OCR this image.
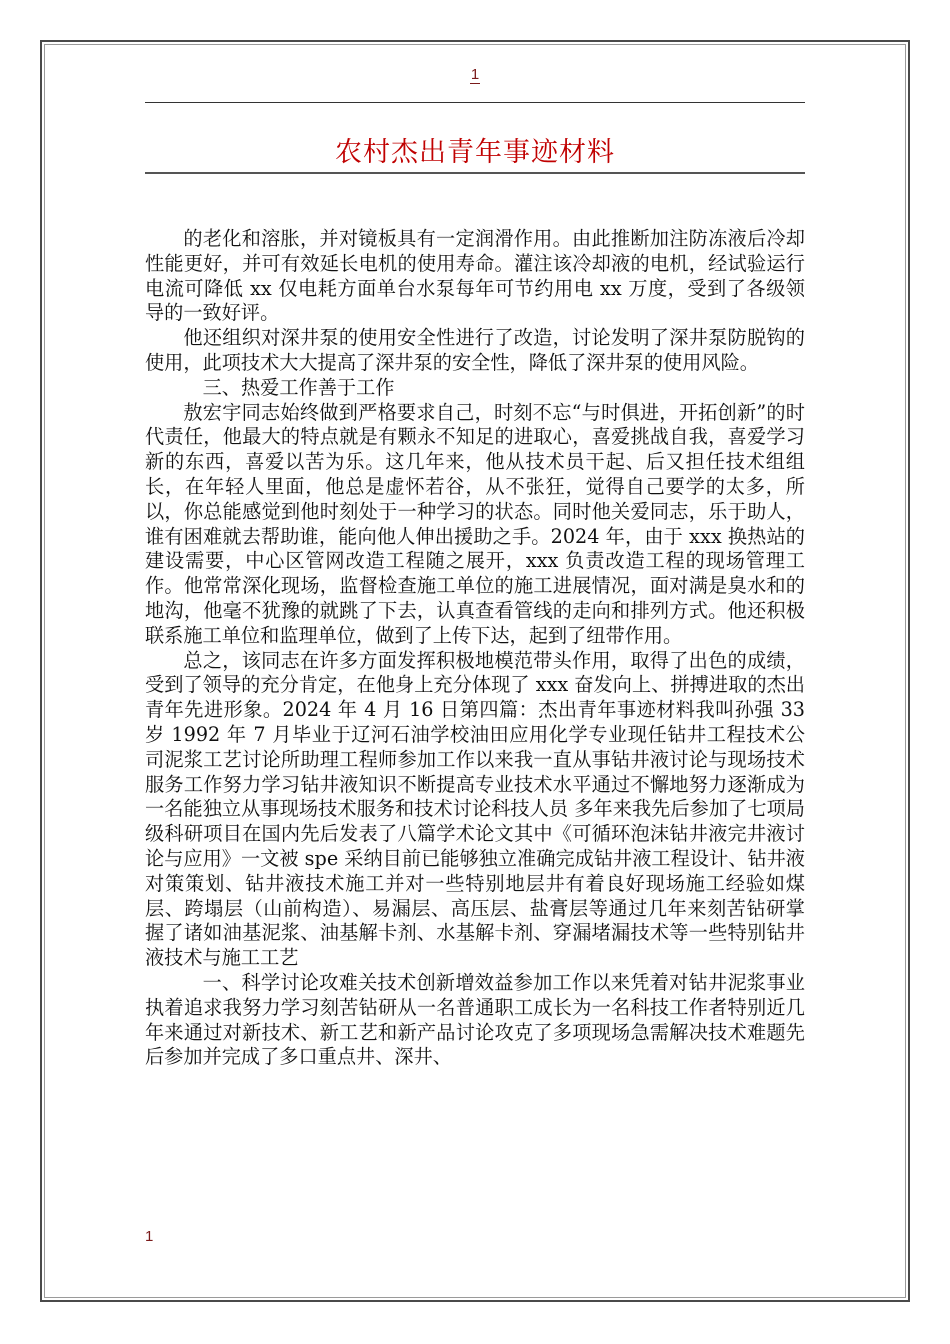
1
农村杰出青年事迹材料

的老化和溶胀，并对镜板具有一定润滑作用。由此推断加注防冻液后冷却性能更好，并可有效延长电机的使用寿命。灌注该冷却液的电机，经试验运行电流可降低 xx 仅电耗方面单台水泵每年可节约用电 xx 万度，受到了各级领导的一致好评。

他还组织对深井泵的使用安全性进行了改造，讨论发明了深井泵防脱钩的使用，此项技术大大提高了深井泵的安全性，降低了深井泵的使用风险。

三、热爱工作善于工作

敖宏宇同志始终做到严格要求自己，时刻不忘“与时俱进，开拓创新”的时代责任，他最大的特点就是有颗永不知足的进取心，喜爱挑战自我，喜爱学习新的东西，喜爱以苦为乐。这几年来，他从技术员干起、后又担任技术组组长，在年轻人里面，他总是虚怀若谷，从不张狂，觉得自己要学的太多，所以，你总能感觉到他时刻处于一种学习的状态。同时他关爱同志，乐于助人，谁有困难就去帮助谁，能向他人伸出援助之手。2024 年，由于 xxx 换热站的建设需要，中心区管网改造工程随之展开，xxx 负责改造工程的现场管理工作。他常常深化现场，监督检查施工单位的施工进展情况，面对满是臭水和的地沟，他毫不犹豫的就跳了下去，认真查看管线的走向和排列方式。他还积极联系施工单位和监理单位，做到了上传下达，起到了纽带作用。

总之，该同志在许多方面发挥积极地模范带头作用，取得了出色的成绩，受到了领导的充分肯定，在他身上充分体现了 xxx 奋发向上、拼搏进取的杰出青年先进形象。2024 年 4 月 16 日第四篇：杰出青年事迹材料我叫孙强 33 岁 1992 年 7 月毕业于辽河石油学校油田应用化学专业现任钻井工程技术公司泥浆工艺讨论所助理工程师参加工作以来我一直从事钻井液讨论与现场技术服务工作努力学习钻井液知识不断提高专业技术水平通过不懈地努力逐渐成为一名能独立从事现场技术服务和技术讨论科技人员 多年来我先后参加了七项局级科研项目在国内先后发表了八篇学术论文其中《可循环泡沫钻井液完井液讨论与应用》一文被 spe 采纳目前已能够独立准确完成钻井液工程设计、钻井液对策策划、钻井液技术施工并对一些特别地层井有着良好现场施工经验如煤层、跨塌层（山前构造）、易漏层、高压层、盐膏层等通过几年来刻苦钻研掌握了诸如油基泥浆、油基解卡剂、水基解卡剂、穿漏堵漏技术等一些特别钻井液技术与施工工艺

一、科学讨论攻难关技术创新增效益参加工作以来凭着对钻井泥浆事业执着追求我努力学习刻苦钻研从一名普通职工成长为一名科技工作者特别近几年来通过对新技术、新工艺和新产品讨论攻克了多项现场急需解决技术难题先后参加并完成了多口重点井、深井、

1
